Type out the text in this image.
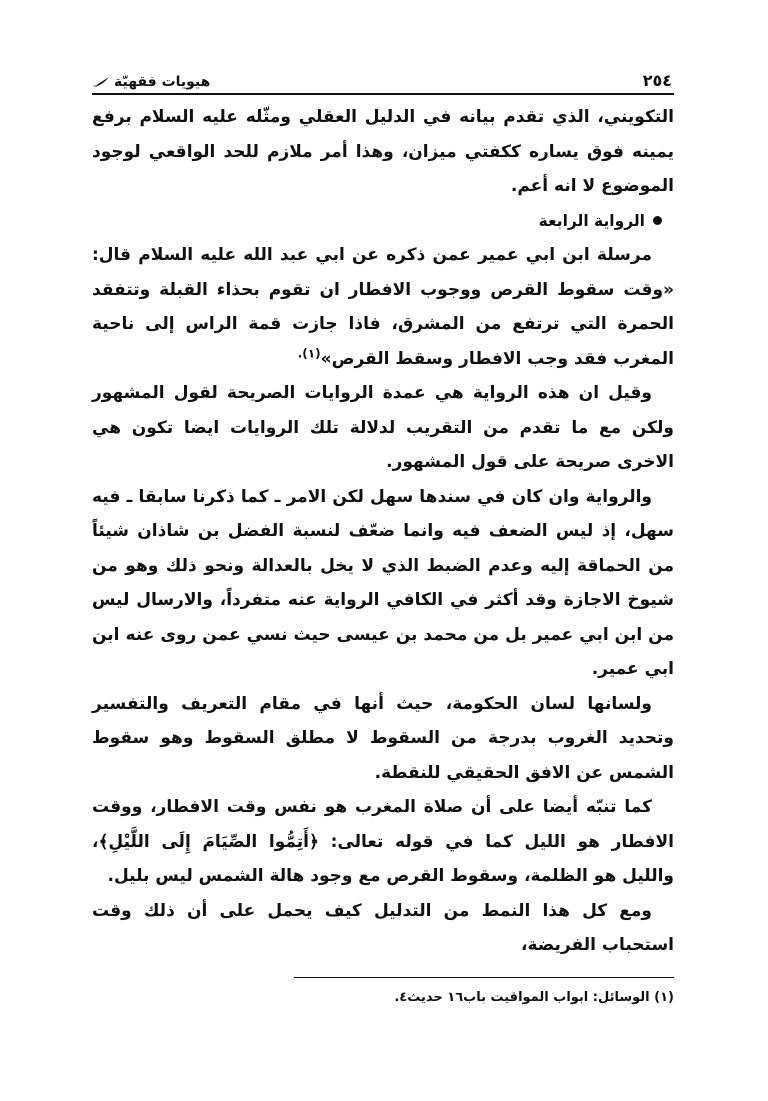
٢٥٤
هيويات فقهيّة

التكويني، الذي تقدم بيانه في الدليل العقلي ومثّله عليه السلام برفع يمينه فوق يساره ككفتي ميزان، وهذا أمر ملازم للحد الواقعي لوجود الموضوع لا انه أعم.

الرواية الرابعة

مرسلة ابن ابي عمير عمن ذكره عن ابي عبد الله عليه السلام قال: «وقت سقوط القرص ووجوب الافطار ان تقوم بحذاء القبلة وتتفقد الحمرة التي ترتفع من المشرق، فاذا جازت قمة الراس إلى ناحية المغرب فقد وجب الافطار وسقط القرص»$^{(١).}$

وقيل ان هذه الرواية هي عمدة الروايات الصريحة لقول المشهور ولكن مع ما تقدم من التقريب لدلالة تلك الروايات ايضا تكون هي الاخرى صريحة على قول المشهور.

والرواية وان كان في سندها سهل لكن الامر ـ كما ذكرنا سابقا ـ فيه سهل، إذ ليس الضعف فيه وانما ضعّف لنسبة الفضل بن شاذان شيئاً من الحماقة إليه وعدم الضبط الذي لا يخل بالعدالة ونحو ذلك وهو من شيوخ الاجازة وقد أكثر في الكافي الرواية عنه متفرداً، والارسال ليس من ابن ابي عمير بل من محمد بن عيسى حيث نسي عمن روى عنه ابن ابي عمير.

ولسانها لسان الحكومة، حيث أنها في مقام التعريف والتفسير وتحديد الغروب بدرجة من السقوط لا مطلق السقوط وهو سقوط الشمس عن الافق الحقيقي للنقطة.

كما تنبّه أيضا على أن صلاة المغرب هو نفس وقت الافطار، ووقت الافطار هو الليل كما في قوله تعالى: ﴿أَتِمُّوا الصِّيَامَ إِلَى اللَّيْلِ﴾، والليل هو الظلمة، وسقوط القرص مع وجود هالة الشمس ليس بليل.

ومع كل هذا النمط من التدليل كيف يحمل على أن ذلك وقت استحباب الفريضة،

(١) الوسائل: ابواب المواقيت باب١٦ حديث٤.
